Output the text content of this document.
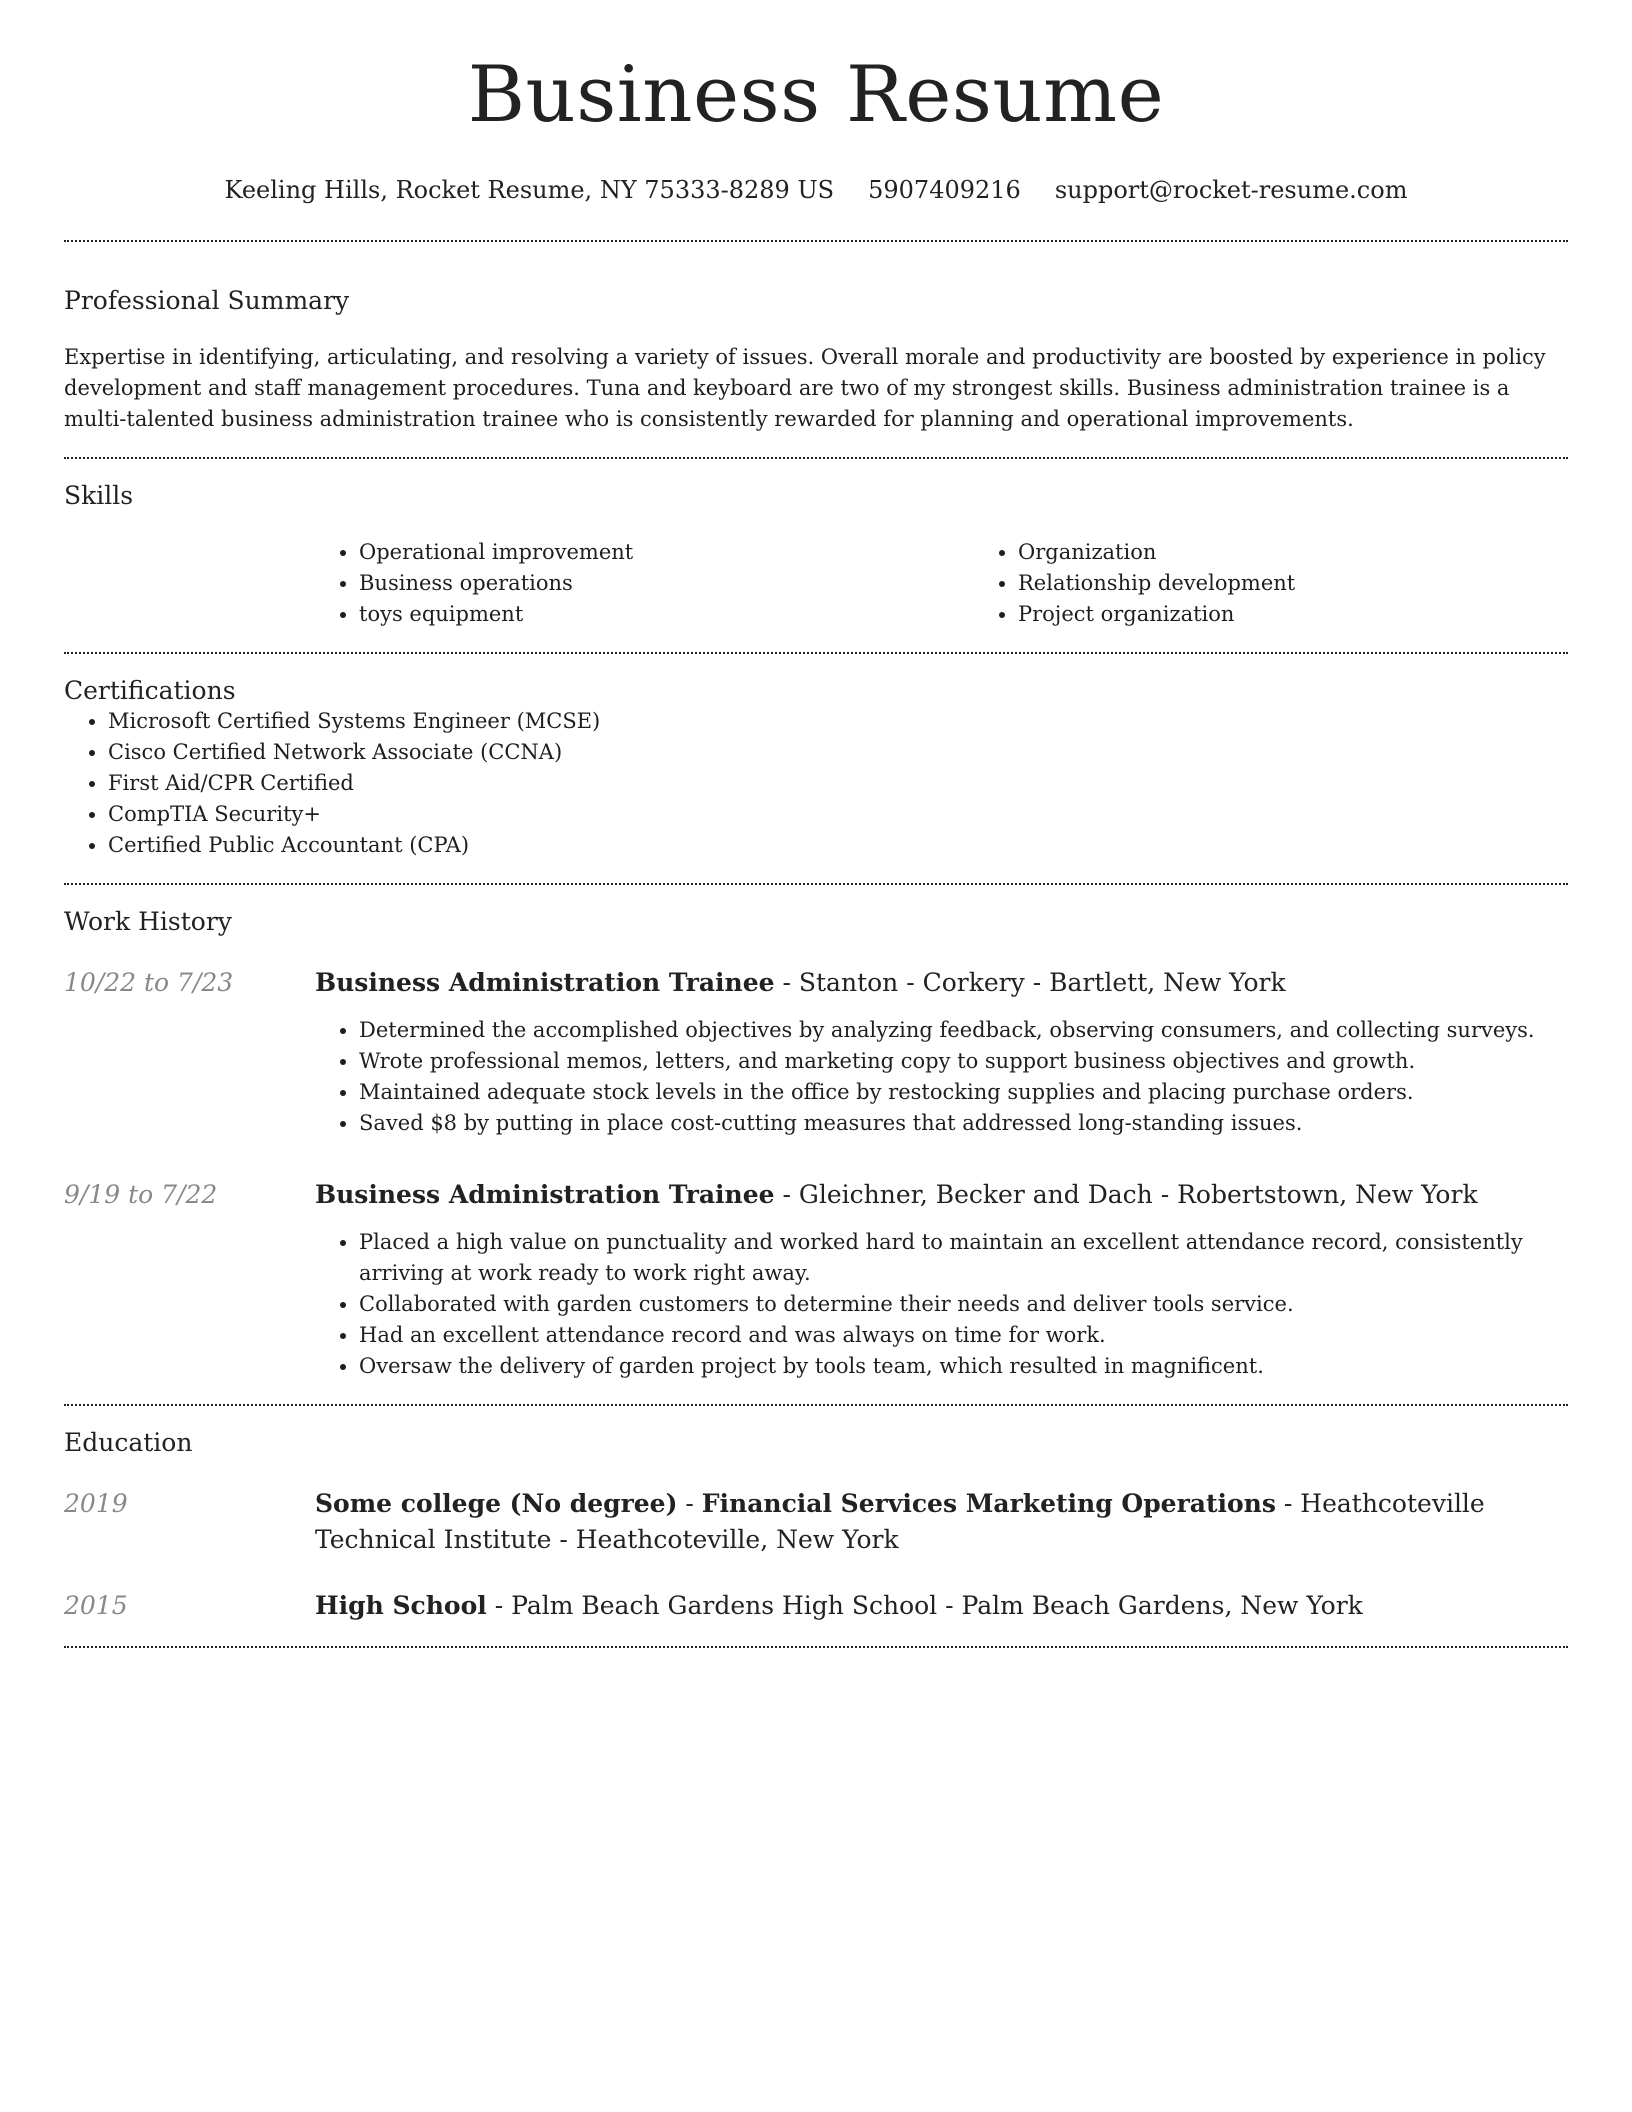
Business Resume
Keeling Hills, Rocket Resume, NY 75333-8289 US 5907409216 support@rocket-resume.com
Professional Summary

Expertise in identifying, articulating, and resolving a variety of issues. Overall morale and productivity are boosted by experience in policy development and staff management procedures. Tuna and keyboard are two of my strongest skills. Business administration trainee is a multi-talented business administration trainee who is consistently rewarded for planning and operational improvements.

Skills
• Operational improvement
• Business operations
• toys equipment
• Organization
• Relationship development
• Project organization
Certifications
• Microsoft Certified Systems Engineer (MCSE)
• Cisco Certified Network Associate (CCNA)
• First Aid/CPR Certified
• CompTIA Security+
• Certified Public Accountant (CPA)
Work History
10/22 to 7/23	Business Administration Trainee - Stanton - Corkery - Bartlett, New York
• Determined the accomplished objectives by analyzing feedback, observing consumers, and collecting surveys.
• Wrote professional memos, letters, and marketing copy to support business objectives and growth.
• Maintained adequate stock levels in the office by restocking supplies and placing purchase orders.
• Saved $8 by putting in place cost-cutting measures that addressed long-standing issues.
9/19 to 7/22	Business Administration Trainee - Gleichner, Becker and Dach - Robertstown, New York
• Placed a high value on punctuality and worked hard to maintain an excellent attendance record, consistently arriving at work ready to work right away.
• Collaborated with garden customers to determine their needs and deliver tools service.
• Had an excellent attendance record and was always on time for work.
• Oversaw the delivery of garden project by tools team, which resulted in magnificent.
Education
2019	Some college (No degree) - Financial Services Marketing Operations - Heathcoteville Technical Institute - Heathcoteville, New York
2015	High School - Palm Beach Gardens High School - Palm Beach Gardens, New York
